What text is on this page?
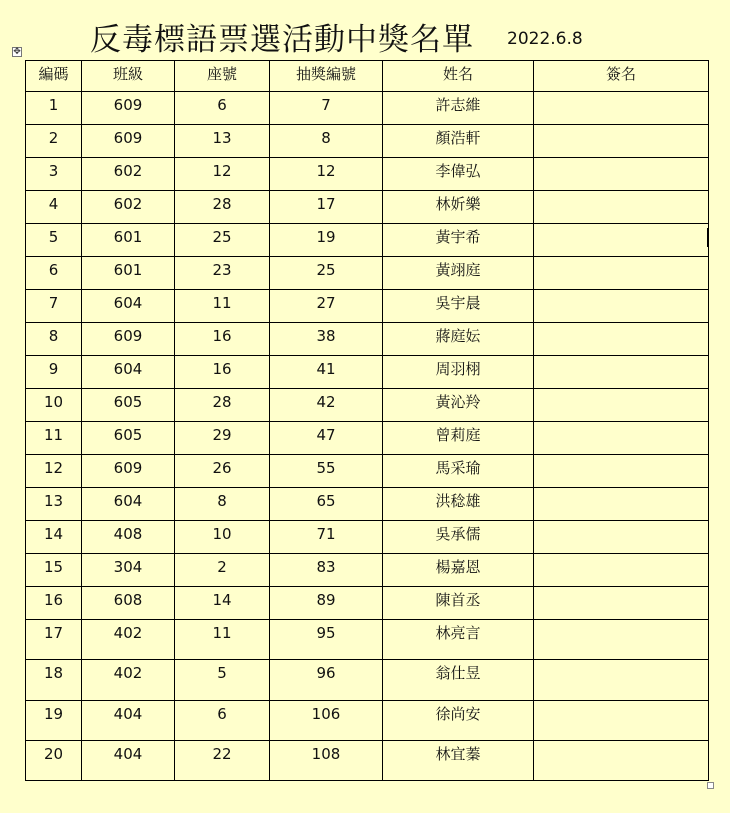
反毒標語票選活動中獎名單 2022.6.8
✥
編碼	班級	座號	抽獎編號	姓名	簽名
1	609	6	7	許志維	
2	609	13	8	顏浩軒	
3	602	12	12	李偉弘	
4	602	28	17	林妡樂	
5	601	25	19	黃宇希	
6	601	23	25	黃翊庭	
7	604	11	27	吳宇晨	
8	609	16	38	蔣庭妘	
9	604	16	41	周羽栩	
10	605	28	42	黃沁羚	
11	605	29	47	曾莉庭	
12	609	26	55	馬采瑜	
13	604	8	65	洪稔雄	
14	408	10	71	吳承儒	
15	304	2	83	楊嘉恩	
16	608	14	89	陳首丞	
17	402	11	95	林亮言	
18	402	5	96	翁仕昱	
19	404	6	106	徐尚安	
20	404	22	108	林宜蓁	
